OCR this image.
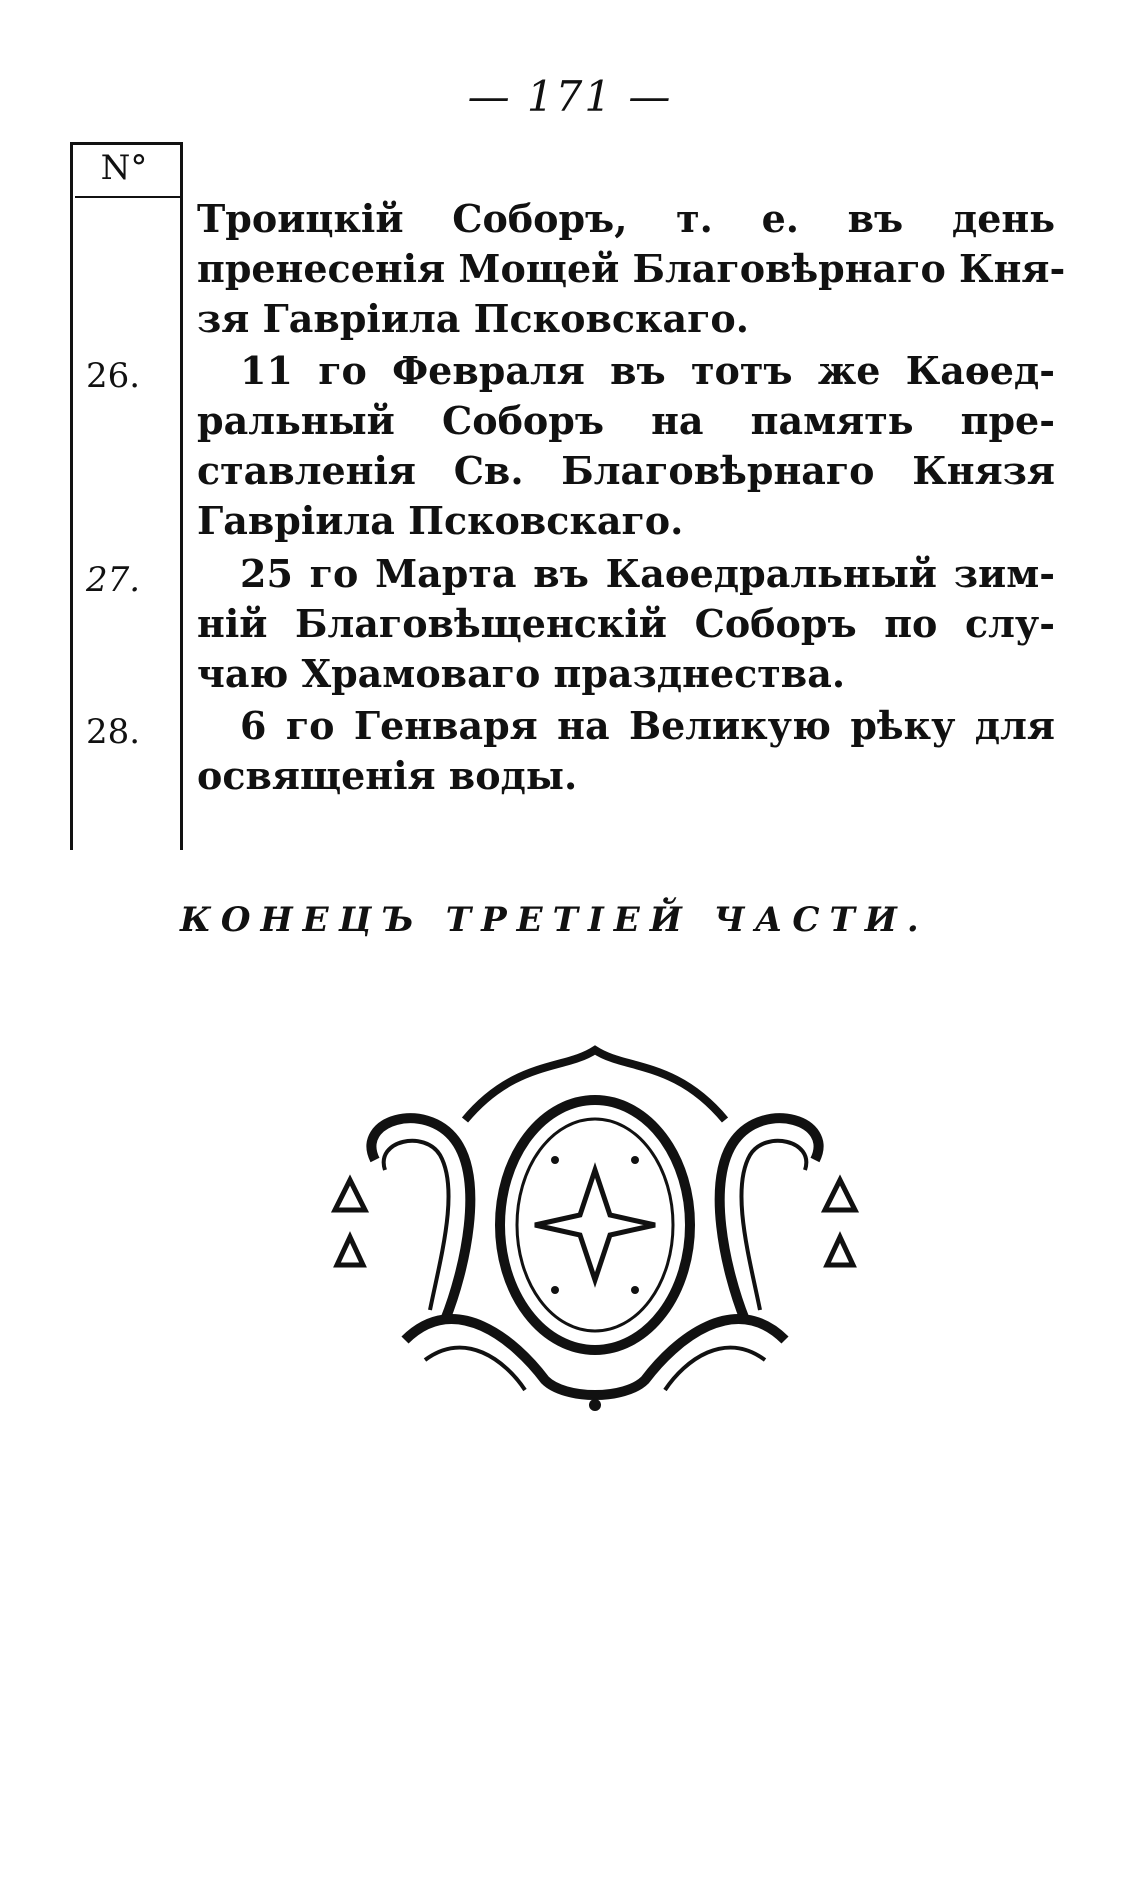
— 171 —
N°
Троицкій Соборъ, т. е. въ день
пренесенія Мощей Благовѣрнаго Кня-
зя Гавріила Псковскаго.
26.	11 го Февраля въ тотъ же Каѳед-
ральный Соборъ на память пре-
ставленія Св. Благовѣрнаго Князя
Гавріила Псковскаго.
27.	25 го Марта въ Каѳедральный зим-
ній Благовѣщенскій Соборъ по слу-
чаю Храмоваго празднества.
28.	6 го Генваря на Великую рѣку для
освященія воды.
КОНЕЦЪ ТРЕТІЕЙ ЧАСТИ.
